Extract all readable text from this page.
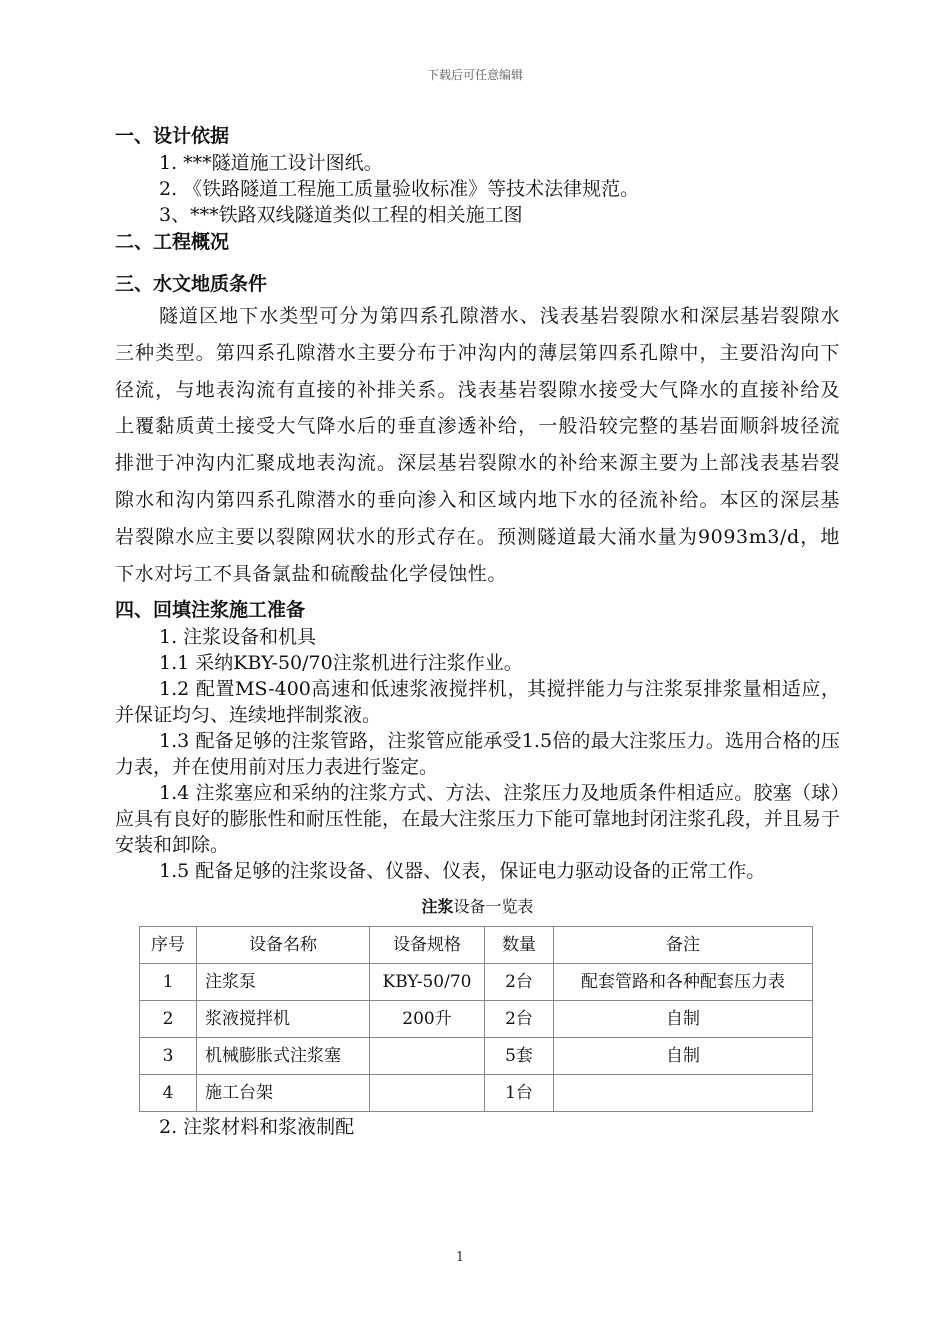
下载后可任意编辑

一、设计依据

1. ***隧道施工设计图纸。

2. 《铁路隧道工程施工质量验收标准》等技术法律规范。

3、***铁路双线隧道类似工程的相关施工图

二、工程概况

三、水文地质条件

隧道区地下水类型可分为第四系孔隙潜水、浅表基岩裂隙水和深层基岩裂隙水三种类型。第四系孔隙潜水主要分布于冲沟内的薄层第四系孔隙中，主要沿沟向下径流，与地表沟流有直接的补排关系。浅表基岩裂隙水接受大气降水的直接补给及上覆黏质黄土接受大气降水后的垂直渗透补给，一般沿较完整的基岩面顺斜坡径流排泄于冲沟内汇聚成地表沟流。深层基岩裂隙水的补给来源主要为上部浅表基岩裂隙水和沟内第四系孔隙潜水的垂向渗入和区域内地下水的径流补给。本区的深层基岩裂隙水应主要以裂隙网状水的形式存在。预测隧道最大涌水量为9093m3/d，地下水对圬工不具备氯盐和硫酸盐化学侵蚀性。

四、回填注浆施工准备

1. 注浆设备和机具

1.1 采纳KBY-50/70注浆机进行注浆作业。

1.2 配置MS-400高速和低速浆液搅拌机，其搅拌能力与注浆泵排浆量相适应，并保证均匀、连续地拌制浆液。

1.3 配备足够的注浆管路，注浆管应能承受1.5倍的最大注浆压力。选用合格的压力表，并在使用前对压力表进行鉴定。

1.4 注浆塞应和采纳的注浆方式、方法、注浆压力及地质条件相适应。胶塞（球）应具有良好的膨胀性和耐压性能，在最大注浆压力下能可靠地封闭注浆孔段，并且易于安装和卸除。

1.5 配备足够的注浆设备、仪器、仪表，保证电力驱动设备的正常工作。

注浆设备一览表

序号	设备名称	设备规格	数量	备注
1	注浆泵	KBY-50/70	2台	配套管路和各种配套压力表
2	浆液搅拌机	200升	2台	自制
3	机械膨胀式注浆塞		5套	自制
4	施工台架		1台	

2. 注浆材料和浆液制配

1
